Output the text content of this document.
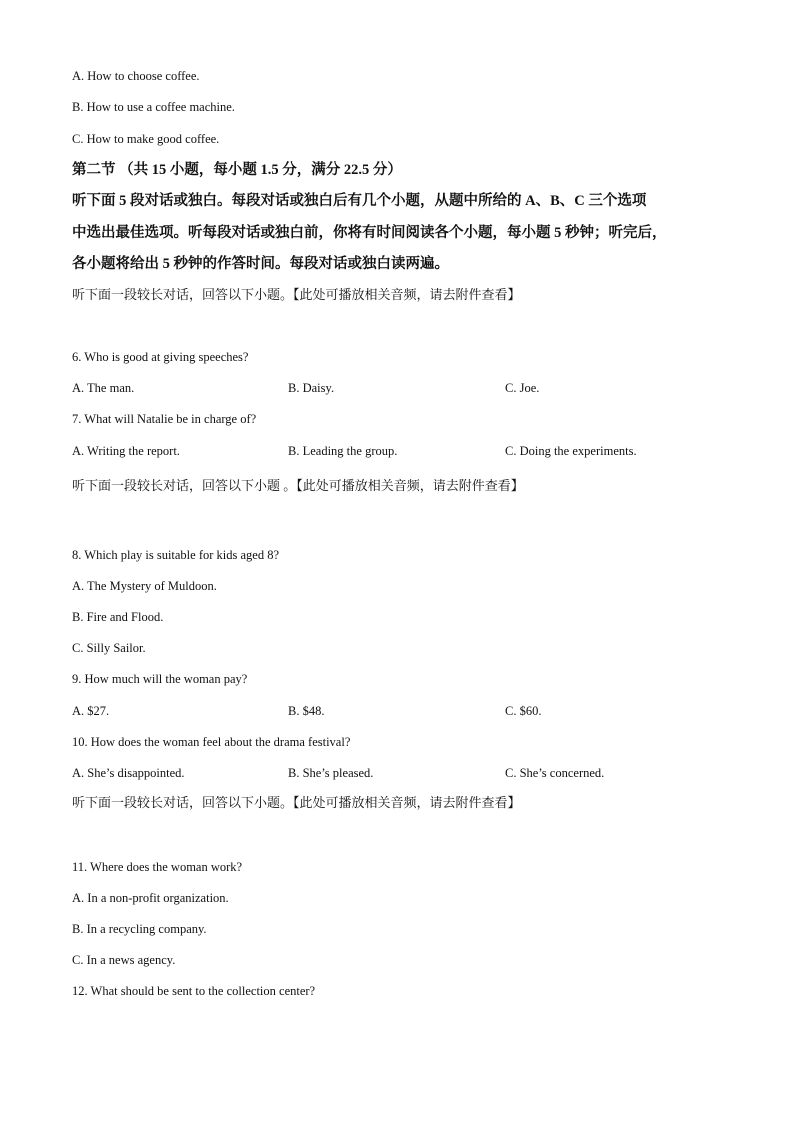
A. How to choose coffee.
B. How to use a coffee machine.
C. How to make good coffee.
第二节 （共 15 小题，每小题 1.5 分，满分 22.5 分）
听下面 5 段对话或独白。每段对话或独白后有几个小题，从题中所给的 A、B、C 三个选项
中选出最佳选项。听每段对话或独白前，你将有时间阅读各个小题，每小题 5 秒钟；听完后，
各小题将给出 5 秒钟的作答时间。每段对话或独白读两遍。
听下面一段较长对话，回答以下小题。【此处可播放相关音频，请去附件查看】
6. Who is good at giving speeches?
A. The man.	B. Daisy.	C. Joe.
7. What will Natalie be in charge of?
A. Writing the report.	B. Leading the group.	C. Doing the experiments.
听下面一段较长对话，回答以下小题 。【此处可播放相关音频，请去附件查看】
8. Which play is suitable for kids aged 8?
A. The Mystery of Muldoon.
B. Fire and Flood.
C. Silly Sailor.
9. How much will the woman pay?
A. $27.	B. $48.	C. $60.
10. How does the woman feel about the drama festival?
A. She’s disappointed.	B. She’s pleased.	C. She’s concerned.
听下面一段较长对话，回答以下小题。【此处可播放相关音频，请去附件查看】
11. Where does the woman work?
A. In a non-profit organization.
B. In a recycling company.
C. In a news agency.
12. What should be sent to the collection center?
